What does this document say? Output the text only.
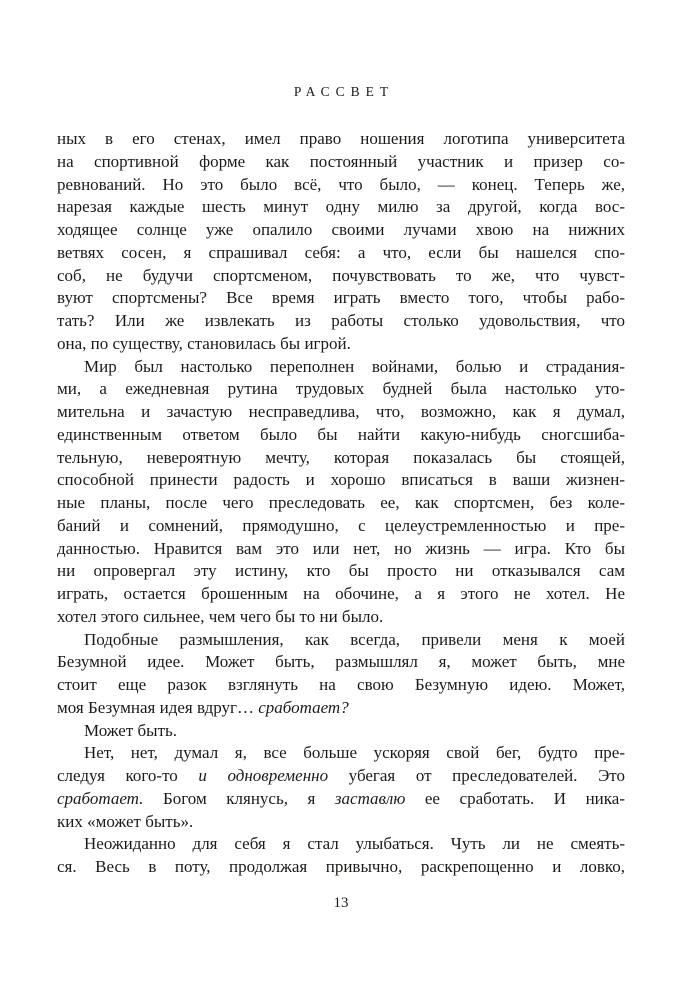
РАССВЕТ

ных в его стенах, имел право ношения логотипа университета
на спортивной форме как постоянный участник и призер со-
ревнований. Но это было всё, что было, — конец. Теперь же,
нарезая каждые шесть минут одну милю за другой, когда вос-
ходящее солнце уже опалило своими лучами хвою на нижних
ветвях сосен, я спрашивал себя: а что, если бы нашелся спо-
соб, не будучи спортсменом, почувствовать то же, что чувст-
вуют спортсмены? Все время играть вместо того, чтобы рабо-
тать? Или же извлекать из работы столько удовольствия, что
она, по существу, становилась бы игрой.

Мир был настолько переполнен войнами, болью и страдания-
ми, а ежедневная рутина трудовых будней была настолько уто-
мительна и зачастую несправедлива, что, возможно, как я думал,
единственным ответом было бы найти какую-нибудь сногсшиба-
тельную, невероятную мечту, которая показалась бы стоящей,
способной принести радость и хорошо вписаться в ваши жизнен-
ные планы, после чего преследовать ее, как спортсмен, без коле-
баний и сомнений, прямодушно, с целеустремленностью и пре-
данностью. Нравится вам это или нет, но жизнь — игра. Кто бы
ни опровергал эту истину, кто бы просто ни отказывался сам
играть, остается брошенным на обочине, а я этого не хотел. Не
хотел этого сильнее, чем чего бы то ни было.

Подобные размышления, как всегда, привели меня к моей
Безумной идее. Может быть, размышлял я, может быть, мне
стоит еще разок взглянуть на свою Безумную идею. Может,
моя Безумная идея вдруг… сработает?

Может быть.

Нет, нет, думал я, все больше ускоряя свой бег, будто пре-
следуя кого-то и одновременно убегая от преследователей. Это
сработает. Богом клянусь, я заставлю ее сработать. И ника-
ких «может быть».

Неожиданно для себя я стал улыбаться. Чуть ли не смеять-
ся. Весь в поту, продолжая привычно, раскрепощенно и ловко,

13
